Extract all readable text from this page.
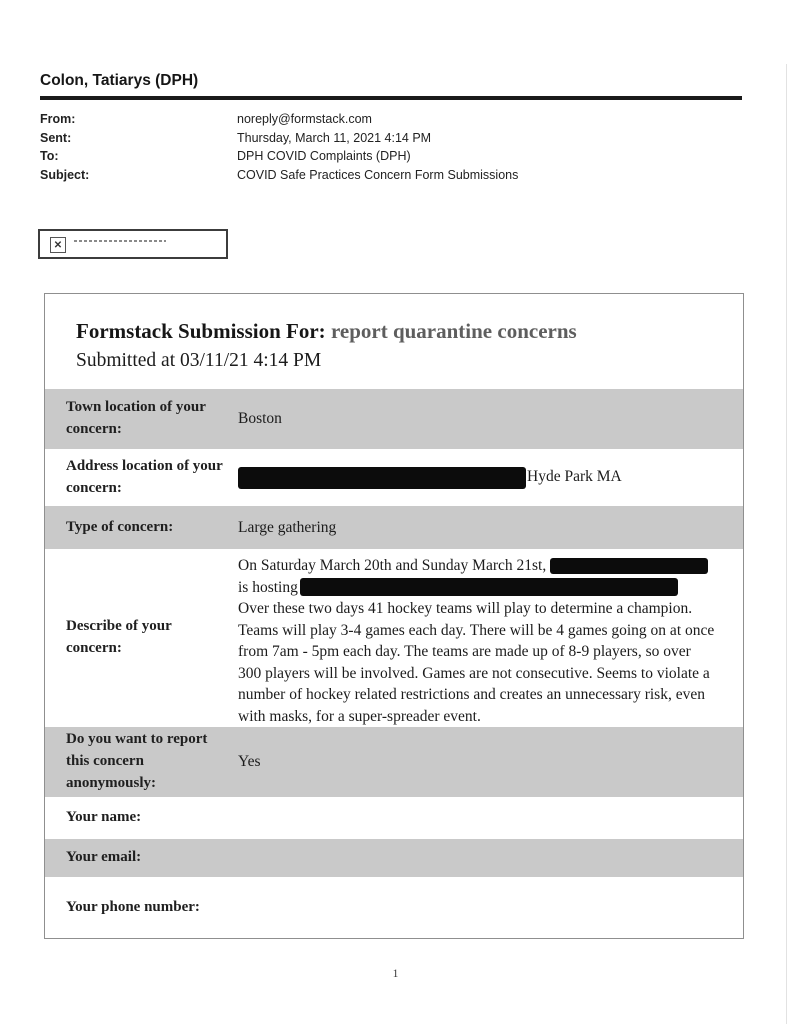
Colon, Tatiarys (DPH)
From:	noreply@formstack.com
Sent:	Thursday, March 11, 2021 4:14 PM
To:	DPH COVID Complaints (DPH)
Subject:	COVID Safe Practices Concern Form Submissions
✕
Formstack Submission For: report quarantine concerns
Submitted at 03/11/21 4:14 PM
Town location of your concern:
Boston
Address location of your concern:
Hyde Park MA
Type of concern:	Large gathering
Describe of your concern:
On Saturday March 20th and Sunday March 21st,
is hosting
Over these two days 41 hockey teams will play to determine a champion. Teams will play 3-4 games each day. There will be 4 games going on at once from 7am - 5pm each day. The teams are made up of 8-9 players, so over 300 players will be involved. Games are not consecutive. Seems to violate a number of hockey related restrictions and creates an unnecessary risk, even with masks, for a super-spreader event.
Do you want to report this concern anonymously:
Yes
Your name:
Your email:
Your phone number:
1
